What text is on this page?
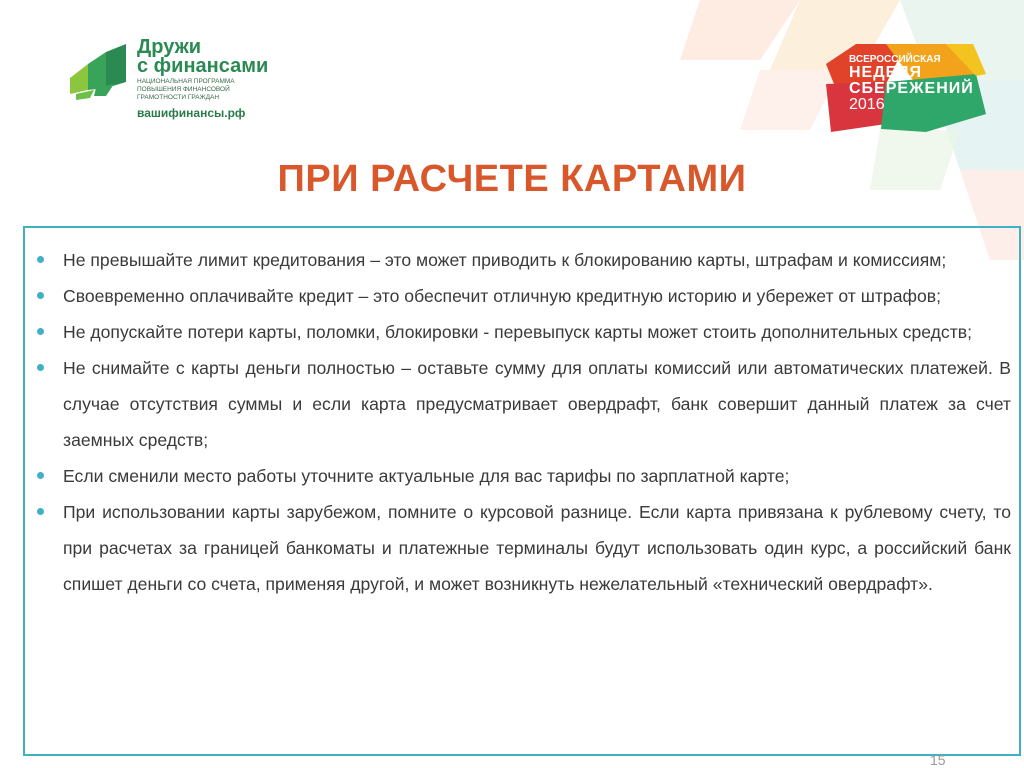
Дружи
с финансами
НАЦИОНАЛЬНАЯ ПРОГРАММА ПОВЫШЕНИЯ ФИНАНСОВОЙ ГРАМОТНОСТИ ГРАЖДАН
вашифинансы.рф
ВСЕРОССИЙСКАЯ
НЕДЕЛЯ
СБЕРЕЖЕНИЙ
2016
ПРИ РАСЧЕТЕ КАРТАМИ
Не превышайте лимит кредитования – это может приводить к блокированию карты, штрафам и комиссиям;
Своевременно оплачивайте кредит – это обеспечит отличную кредитную историю и убережет от штрафов;
Не допускайте потери карты, поломки, блокировки - перевыпуск карты может стоить дополнительных средств;
Не снимайте с карты деньги полностью – оставьте сумму для оплаты комиссий или автоматических платежей. В случае отсутствия суммы и если карта предусматривает овердрафт, банк совершит данный платеж за счет заемных средств;
Если сменили место работы уточните актуальные для вас тарифы по зарплатной карте;
При использовании карты зарубежом, помните о курсовой разнице. Если карта привязана к рублевому счету, то при расчетах за границей банкоматы и платежные терминалы будут использовать один курс, а российский банк спишет деньги со счета, применяя другой, и может возникнуть нежелательный «технический овердрафт».
15
